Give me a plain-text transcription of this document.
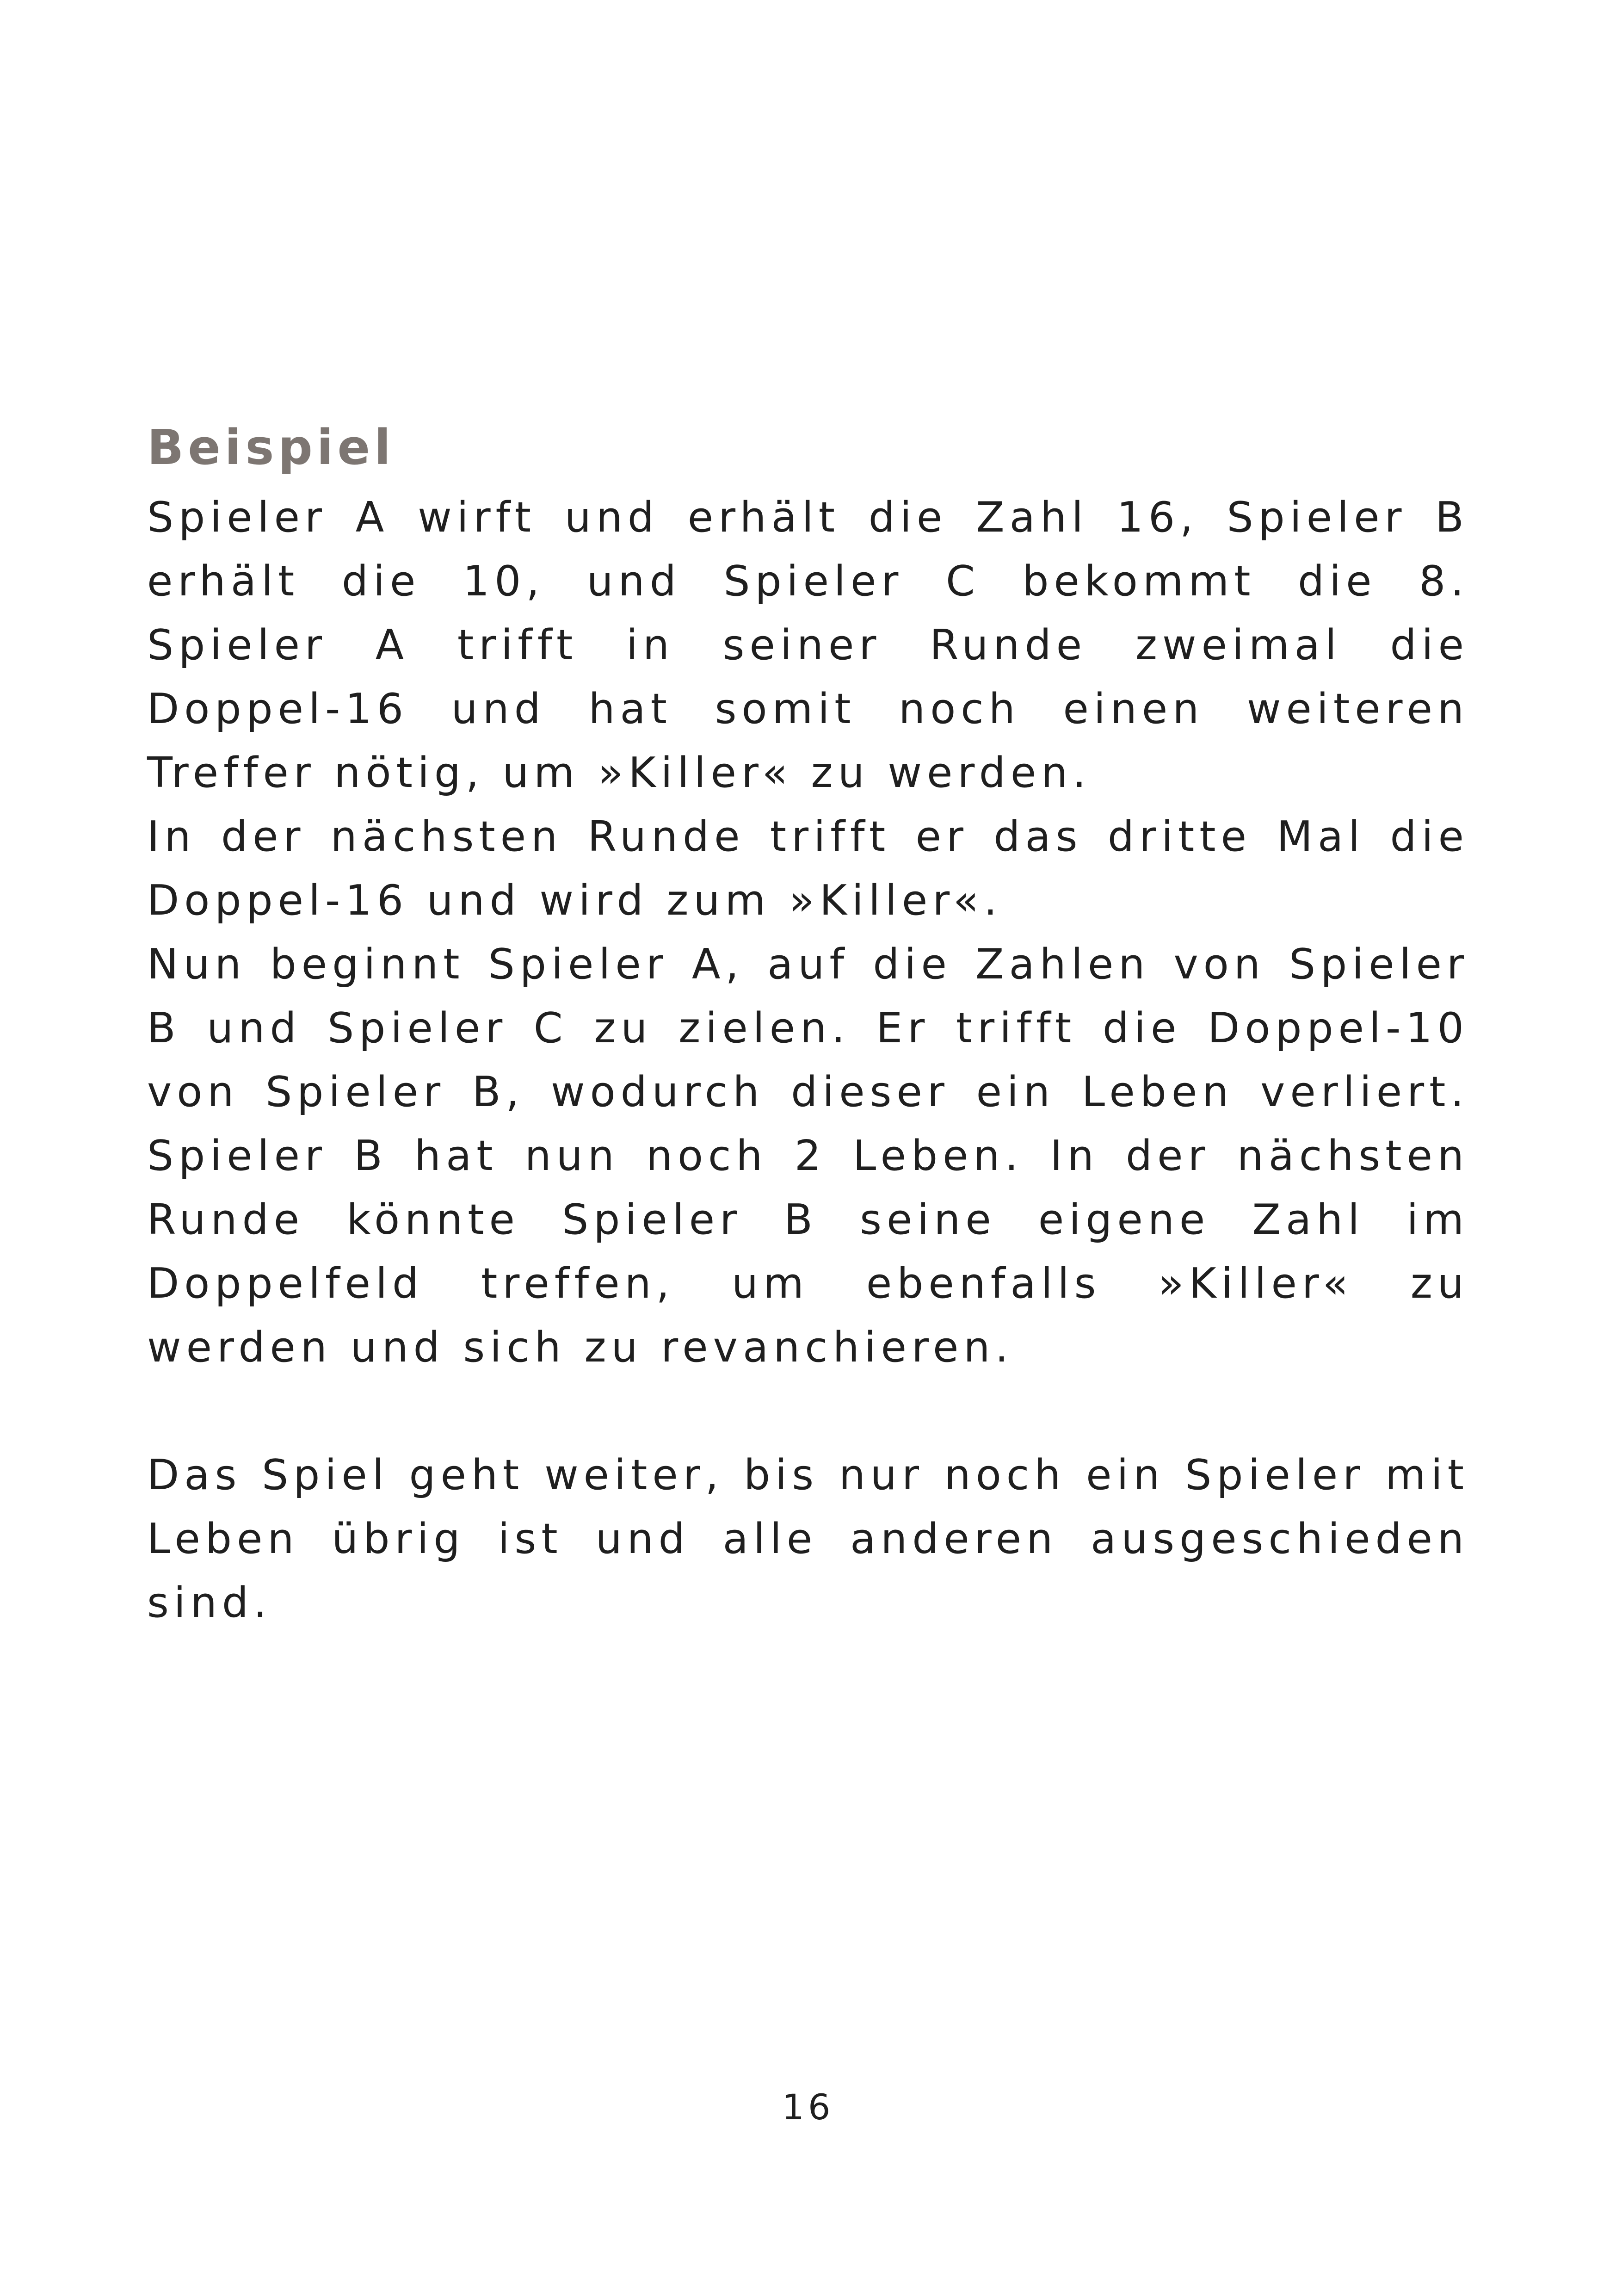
Beispiel

Spieler A wirft und erhält die Zahl 16, Spieler B erhält die 10, und Spieler C bekommt die 8. Spieler A trifft in seiner Runde zweimal die Doppel-16 und hat somit noch einen weiteren Treffer nötig, um »Killer« zu werden.

In der nächsten Runde trifft er das dritte Mal die Doppel-16 und wird zum »Killer«.

Nun beginnt Spieler A, auf die Zahlen von Spieler B und Spieler C zu zielen. Er trifft die Doppel-10 von Spieler B, wodurch dieser ein Leben verliert. Spieler B hat nun noch 2 Leben. In der nächsten Runde könnte Spieler B seine eigene Zahl im Doppelfeld treffen, um ebenfalls »Killer« zu werden und sich zu revanchieren.

Das Spiel geht weiter, bis nur noch ein Spieler mit Leben übrig ist und alle anderen ausgeschieden sind.

16
